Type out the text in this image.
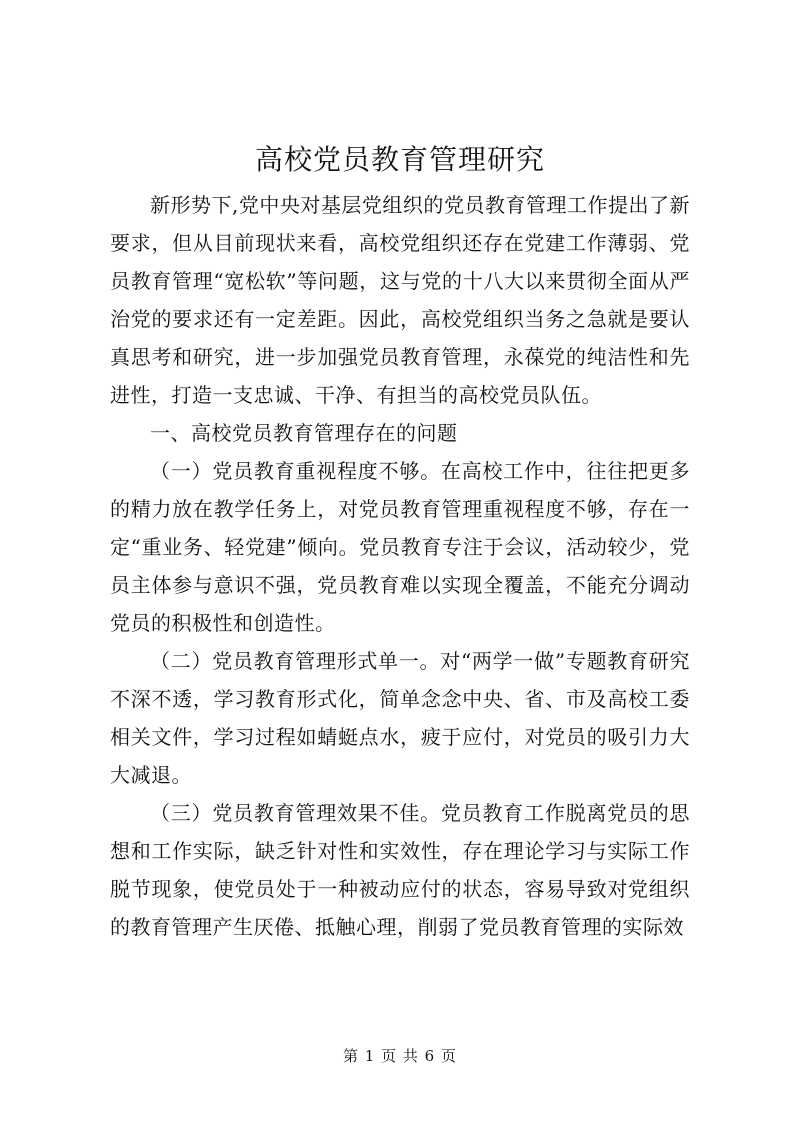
高校党员教育管理研究

新形势下,党中央对基层党组织的党员教育管理工作提出了新要求，但从目前现状来看，高校党组织还存在党建工作薄弱、党员教育管理“宽松软”等问题，这与党的十八大以来贯彻全面从严治党的要求还有一定差距。因此，高校党组织当务之急就是要认真思考和研究，进一步加强党员教育管理，永葆党的纯洁性和先进性，打造一支忠诚、干净、有担当的高校党员队伍。

一、高校党员教育管理存在的问题

（一）党员教育重视程度不够。在高校工作中，往往把更多的精力放在教学任务上，对党员教育管理重视程度不够，存在一定“重业务、轻党建”倾向。党员教育专注于会议，活动较少，党员主体参与意识不强，党员教育难以实现全覆盖，不能充分调动党员的积极性和创造性。

（二）党员教育管理形式单一。对“两学一做”专题教育研究不深不透，学习教育形式化，简单念念中央、省、市及高校工委相关文件，学习过程如蜻蜓点水，疲于应付，对党员的吸引力大大减退。

（三）党员教育管理效果不佳。党员教育工作脱离党员的思想和工作实际，缺乏针对性和实效性，存在理论学习与实际工作脱节现象，使党员处于一种被动应付的状态，容易导致对党组织的教育管理产生厌倦、抵触心理，削弱了党员教育管理的实际效

第 1 页 共 6 页
